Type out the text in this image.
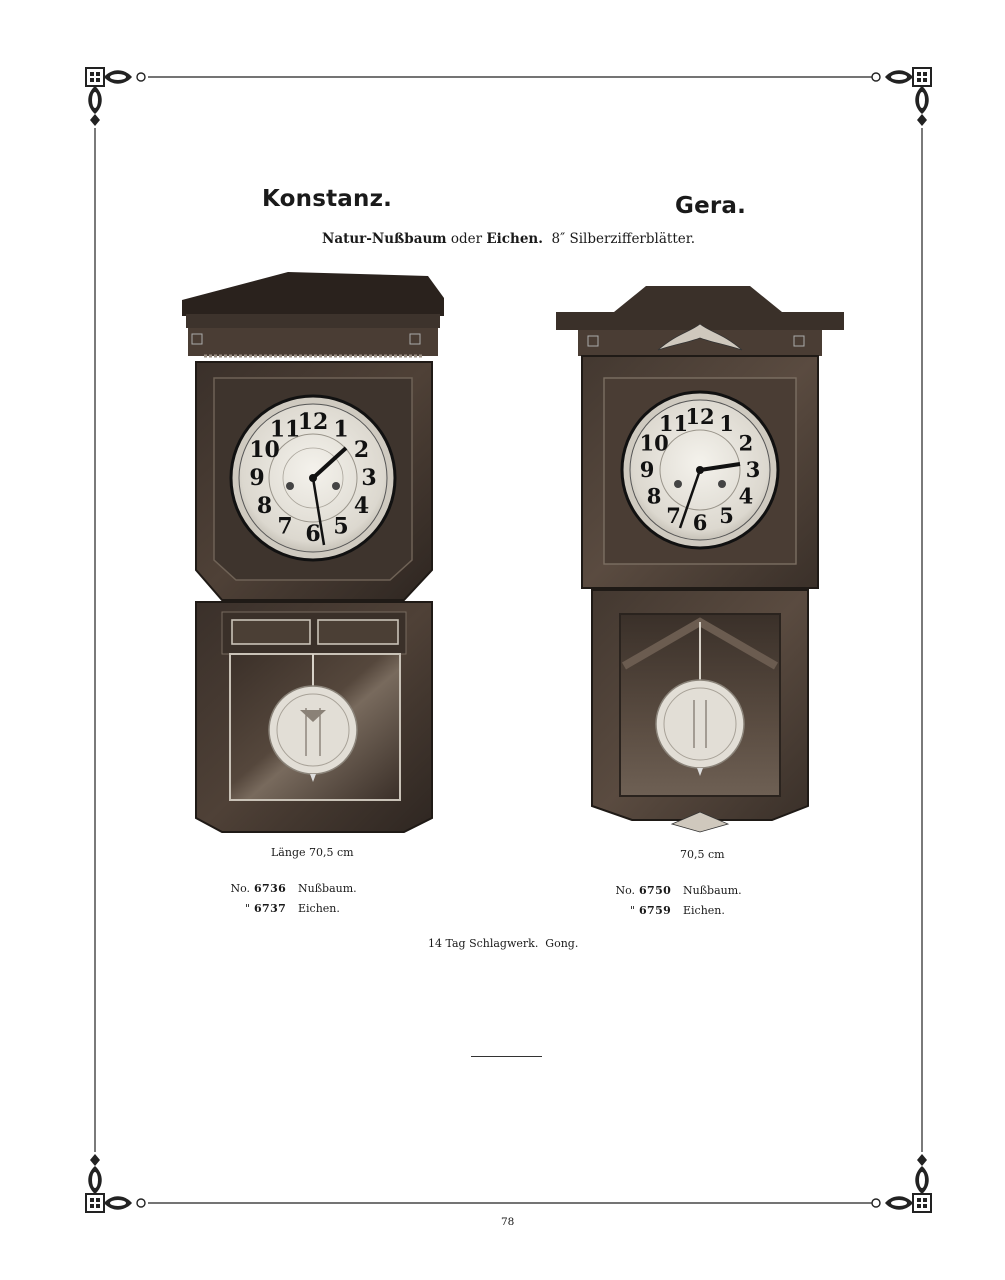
Konstanz.	Gera.
Natur-Nußbaum oder Eichen. 8″ Silberzifferblätter.
12 1
2
3
4
5
6
7
8
9
10
11	12 1
2
3
4
5
6
7
8
9
10
11
Länge 70,5 cm	70,5 cm
No. 6736	Nußbaum.
" 6737	Eichen.
No. 6750	Nußbaum.
" 6759	Eichen.
14 Tag Schlagwerk.  Gong.
78
